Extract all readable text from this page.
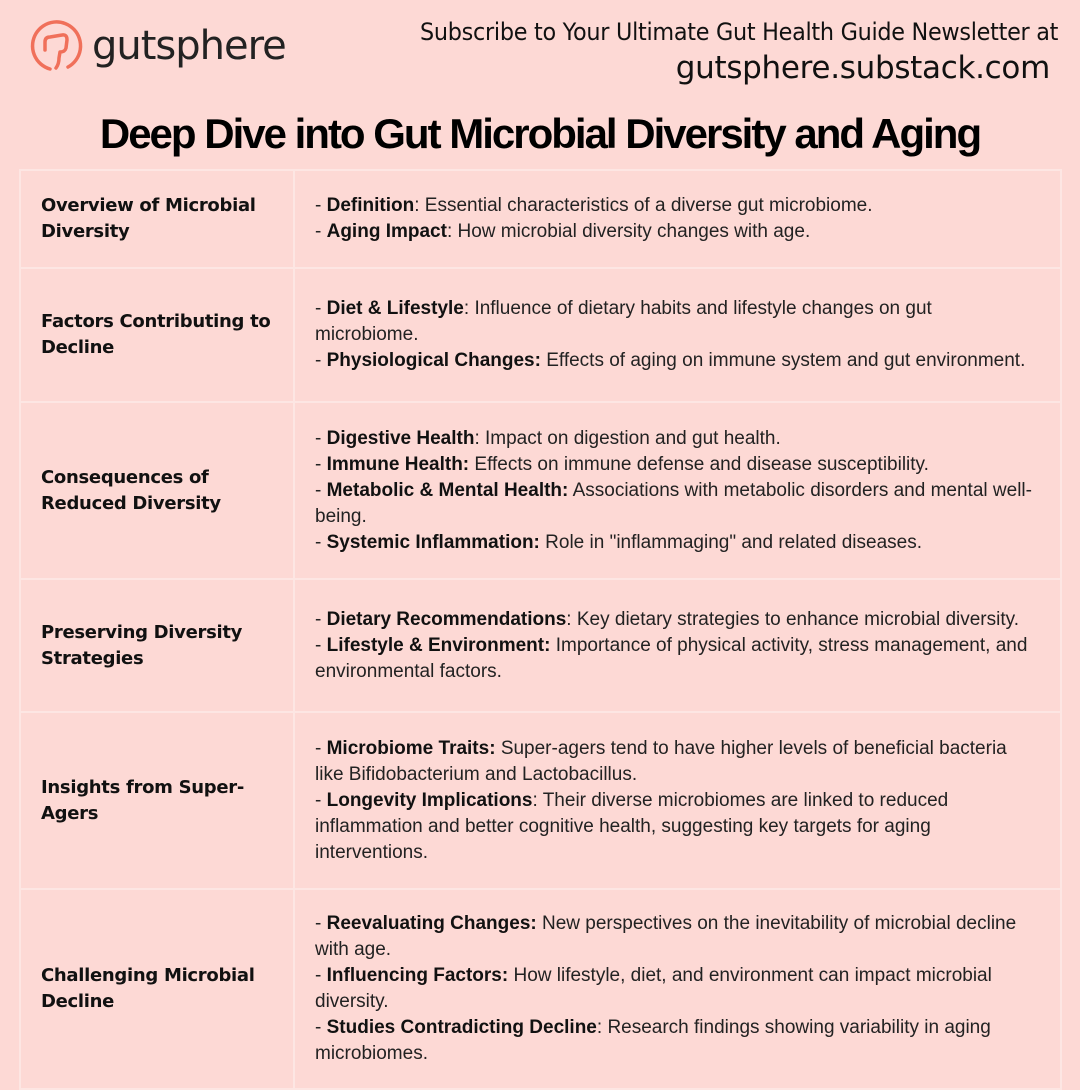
gutsphere	Subscribe to Your Ultimate Gut Health Guide Newsletter at
gutsphere.substack.com
Deep Dive into Gut Microbial Diversity and Aging
Overview of Microbial Diversity	- Definition: Essential characteristics of a diverse gut microbiome.
- Aging Impact: How microbial diversity changes with age.

Factors Contributing to Decline	- Diet & Lifestyle: Influence of dietary habits and lifestyle changes on gut microbiome.
- Physiological Changes: Effects of aging on immune system and gut environment.

Consequences of Reduced Diversity	- Digestive Health: Impact on digestion and gut health.
- Immune Health: Effects on immune defense and disease susceptibility.
- Metabolic & Mental Health: Associations with metabolic disorders and mental well-being.
- Systemic Inflammation: Role in "inflammaging" and related diseases.

Preserving Diversity Strategies	- Dietary Recommendations: Key dietary strategies to enhance microbial diversity.
- Lifestyle & Environment: Importance of physical activity, stress management, and environmental factors.

Insights from Super-Agers	- Microbiome Traits: Super-agers tend to have higher levels of beneficial bacteria like Bifidobacterium and Lactobacillus.
- Longevity Implications: Their diverse microbiomes are linked to reduced inflammation and better cognitive health, suggesting key targets for aging interventions.

Challenging Microbial Decline	- Reevaluating Changes: New perspectives on the inevitability of microbial decline with age.
- Influencing Factors: How lifestyle, diet, and environment can impact microbial diversity.
- Studies Contradicting Decline: Research findings showing variability in aging microbiomes.
